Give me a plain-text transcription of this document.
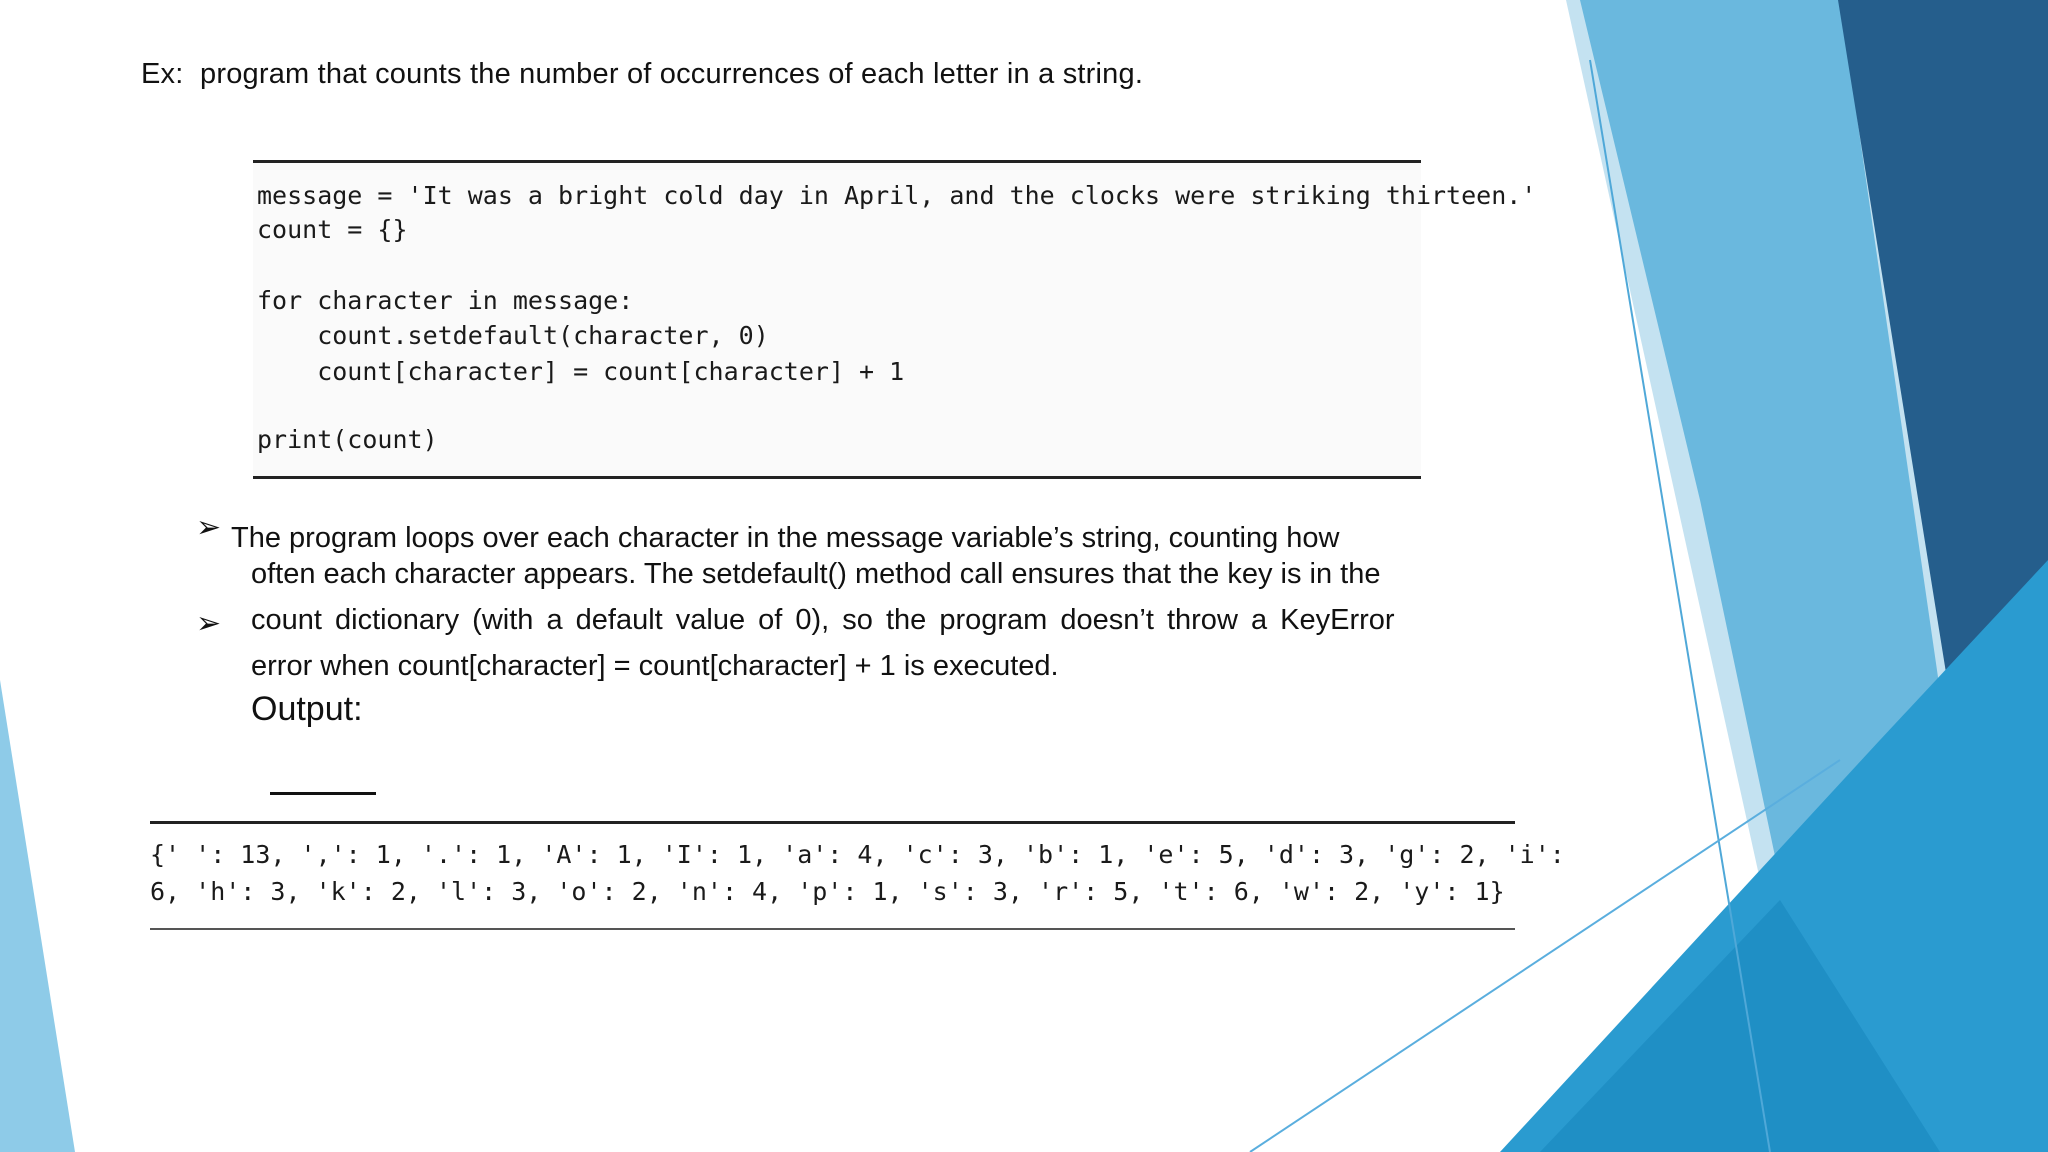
Ex:  program that counts the number of occurrences of each letter in a string.
message = 'It was a bright cold day in April, and the clocks were striking thirteen.'
count = {}
for character in message:
count.setdefault(character, 0)
count[character] = count[character] + 1
print(count)
➢ The program loops over each character in the message variable’s string, counting how
often each character appears. The setdefault() method call ensures that the key is in the
➢ count dictionary (with a default value of 0), so the program doesn’t throw a KeyError
error when count[character] = count[character] + 1 is executed.
Output:
{' ': 13, ',': 1, '.': 1, 'A': 1, 'I': 1, 'a': 4, 'c': 3, 'b': 1, 'e': 5, 'd': 3, 'g': 2, 'i':
6, 'h': 3, 'k': 2, 'l': 3, 'o': 2, 'n': 4, 'p': 1, 's': 3, 'r': 5, 't': 6, 'w': 2, 'y': 1}
